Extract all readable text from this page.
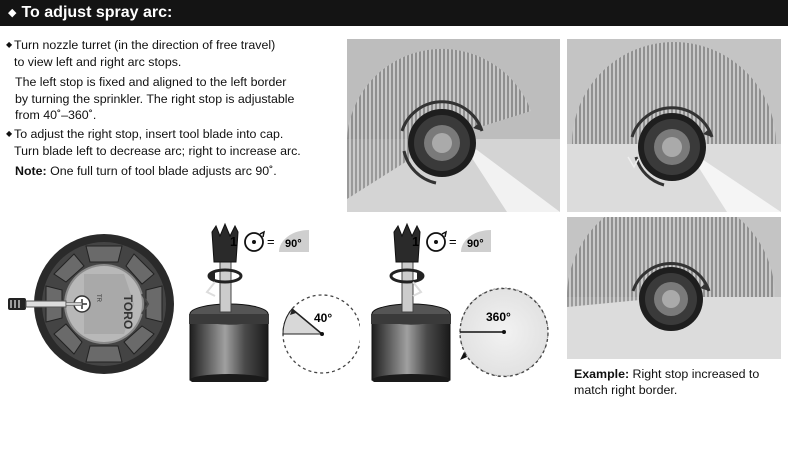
◆ To adjust spray arc:
◆ Turn nozzle turret (in the direction of free travel)

to view left and right arc stops.

The left stop is fixed and aligned to the left border

by turning the sprinkler. The right stop is adjustable

from 40˚–360˚.

◆ To adjust the right stop, insert tool blade into cap.

Turn blade left to decrease arc; right to increase arc.

Note: One full turn of tool blade adjusts arc 90˚.

TORO
TR
1 = 90°
40°
1 = 90°
360°
Example: Right stop increased to
match right border.
